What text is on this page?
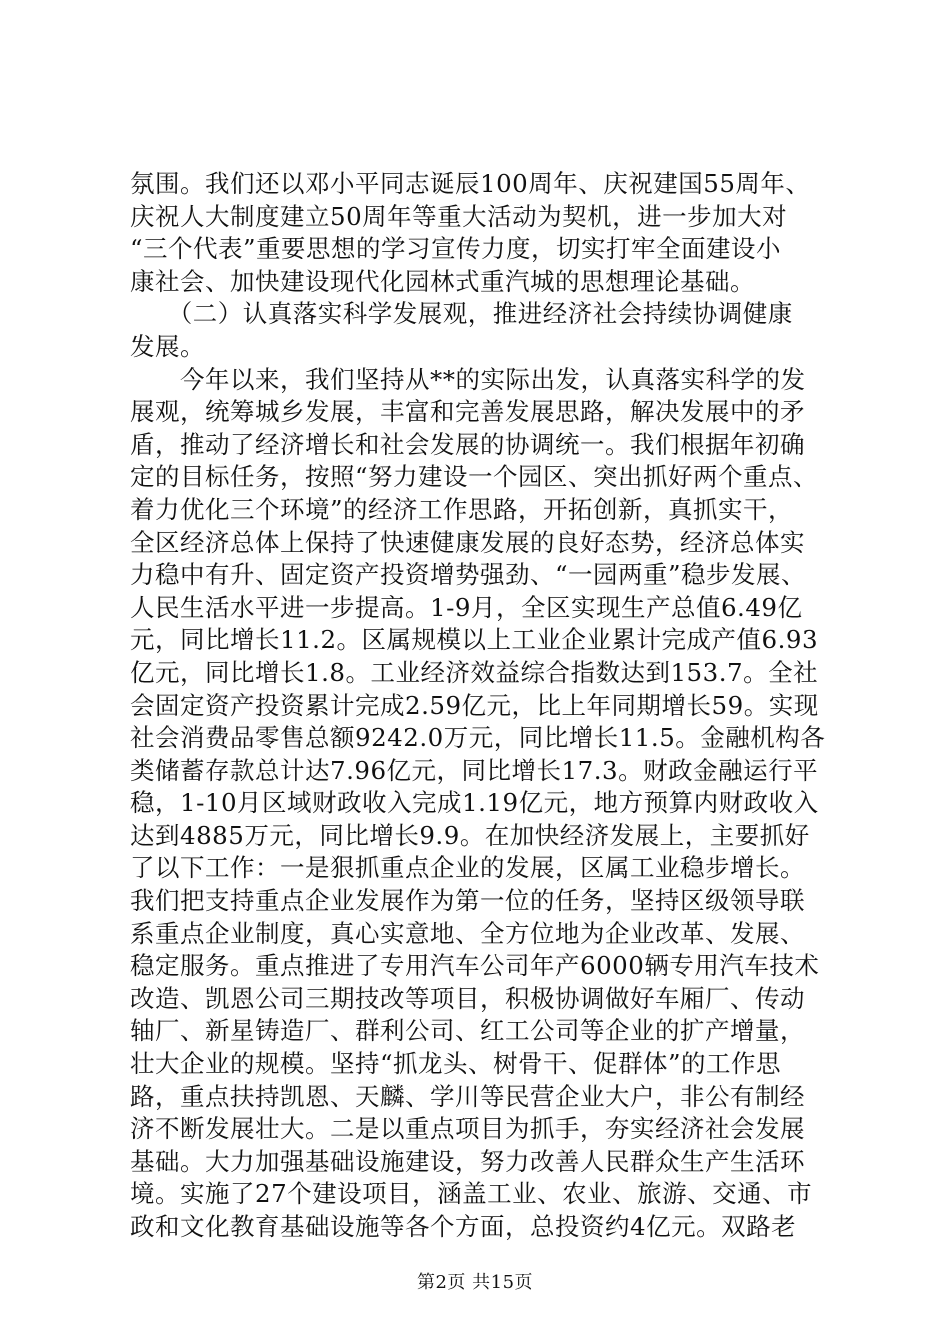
氛围。我们还以邓小平同志诞辰100周年、庆祝建国55周年、
庆祝人大制度建立50周年等重大活动为契机，进一步加大对
“三个代表”重要思想的学习宣传力度，切实打牢全面建设小
康社会、加快建设现代化园林式重汽城的思想理论基础。
　　（二）认真落实科学发展观，推进经济社会持续协调健康
发展。
　　今年以来，我们坚持从**的实际出发，认真落实科学的发
展观，统筹城乡发展，丰富和完善发展思路，解决发展中的矛
盾，推动了经济增长和社会发展的协调统一。我们根据年初确
定的目标任务，按照“努力建设一个园区、突出抓好两个重点、
着力优化三个环境”的经济工作思路，开拓创新，真抓实干，
全区经济总体上保持了快速健康发展的良好态势，经济总体实
力稳中有升、固定资产投资增势强劲、“一园两重”稳步发展、
人民生活水平进一步提高。1-9月，全区实现生产总值6.49亿
元，同比增长11.2。区属规模以上工业企业累计完成产值6.93
亿元，同比增长1.8。工业经济效益综合指数达到153.7。全社
会固定资产投资累计完成2.59亿元，比上年同期增长59。实现
社会消费品零售总额9242.0万元，同比增长11.5。金融机构各
类储蓄存款总计达7.96亿元，同比增长17.3。财政金融运行平
稳，1-10月区域财政收入完成1.19亿元，地方预算内财政收入
达到4885万元，同比增长9.9。在加快经济发展上，主要抓好
了以下工作：一是狠抓重点企业的发展，区属工业稳步增长。
我们把支持重点企业发展作为第一位的任务，坚持区级领导联
系重点企业制度，真心实意地、全方位地为企业改革、发展、
稳定服务。重点推进了专用汽车公司年产6000辆专用汽车技术
改造、凯恩公司三期技改等项目，积极协调做好车厢厂、传动
轴厂、新星铸造厂、群利公司、红工公司等企业的扩产增量，
壮大企业的规模。坚持“抓龙头、树骨干、促群体”的工作思
路，重点扶持凯恩、天麟、学川等民营企业大户，非公有制经
济不断发展壮大。二是以重点项目为抓手，夯实经济社会发展
基础。大力加强基础设施建设，努力改善人民群众生产生活环
境。实施了27个建设项目，涵盖工业、农业、旅游、交通、市
政和文化教育基础设施等各个方面，总投资约4亿元。双路老
第2页 共15页
